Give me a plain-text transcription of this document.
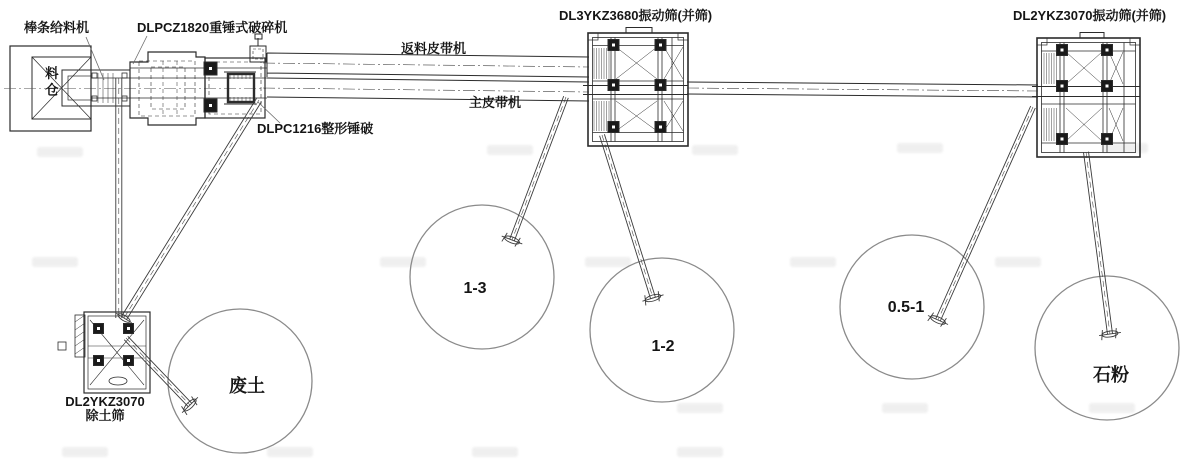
棒条给料机	DLPCZ1820重锤式破碎机
DL3YKZ3680振动筛(并筛)	DL2YKZ3070振动筛(并筛)
DLPC1216整形锤破
返料皮带机
主皮带机
料仓
DL2YKZ3070
除土筛
1-3
1-2
0.5-1
石粉
废土
